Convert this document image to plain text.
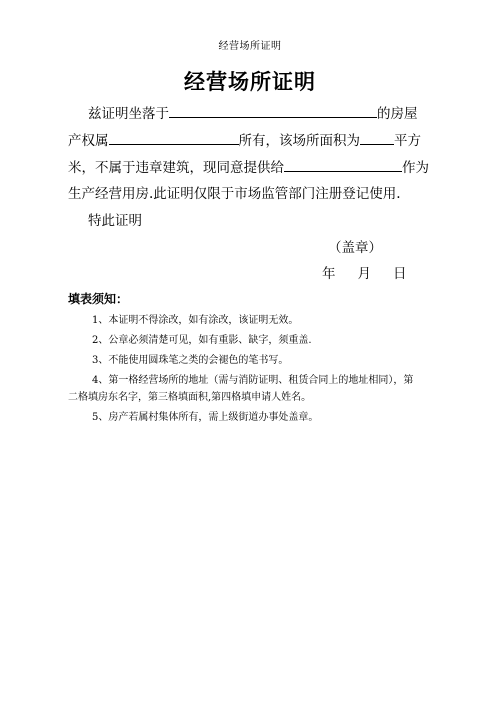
经营场所证明
经营场所证明
兹证明坐落于	的房屋
产权属	所有，该场所面积为	平方
米，不属于违章建筑，现同意提供给	作为
生产经营用房.此证明仅限于市场监管部门注册登记使用.
特此证明
（盖章）
年 月 日
填表须知：
1、本证明不得涂改，如有涂改，该证明无效。
2、公章必须清楚可见，如有重影、缺字，须重盖.
3、不能使用圆珠笔之类的会褪色的笔书写。
4、第一格经营场所的地址（需与消防证明、租赁合同上的地址相同），第
二格填房东名字，第三格填面积,第四格填申请人姓名。
5、房产若属村集体所有，需上级街道办事处盖章。
